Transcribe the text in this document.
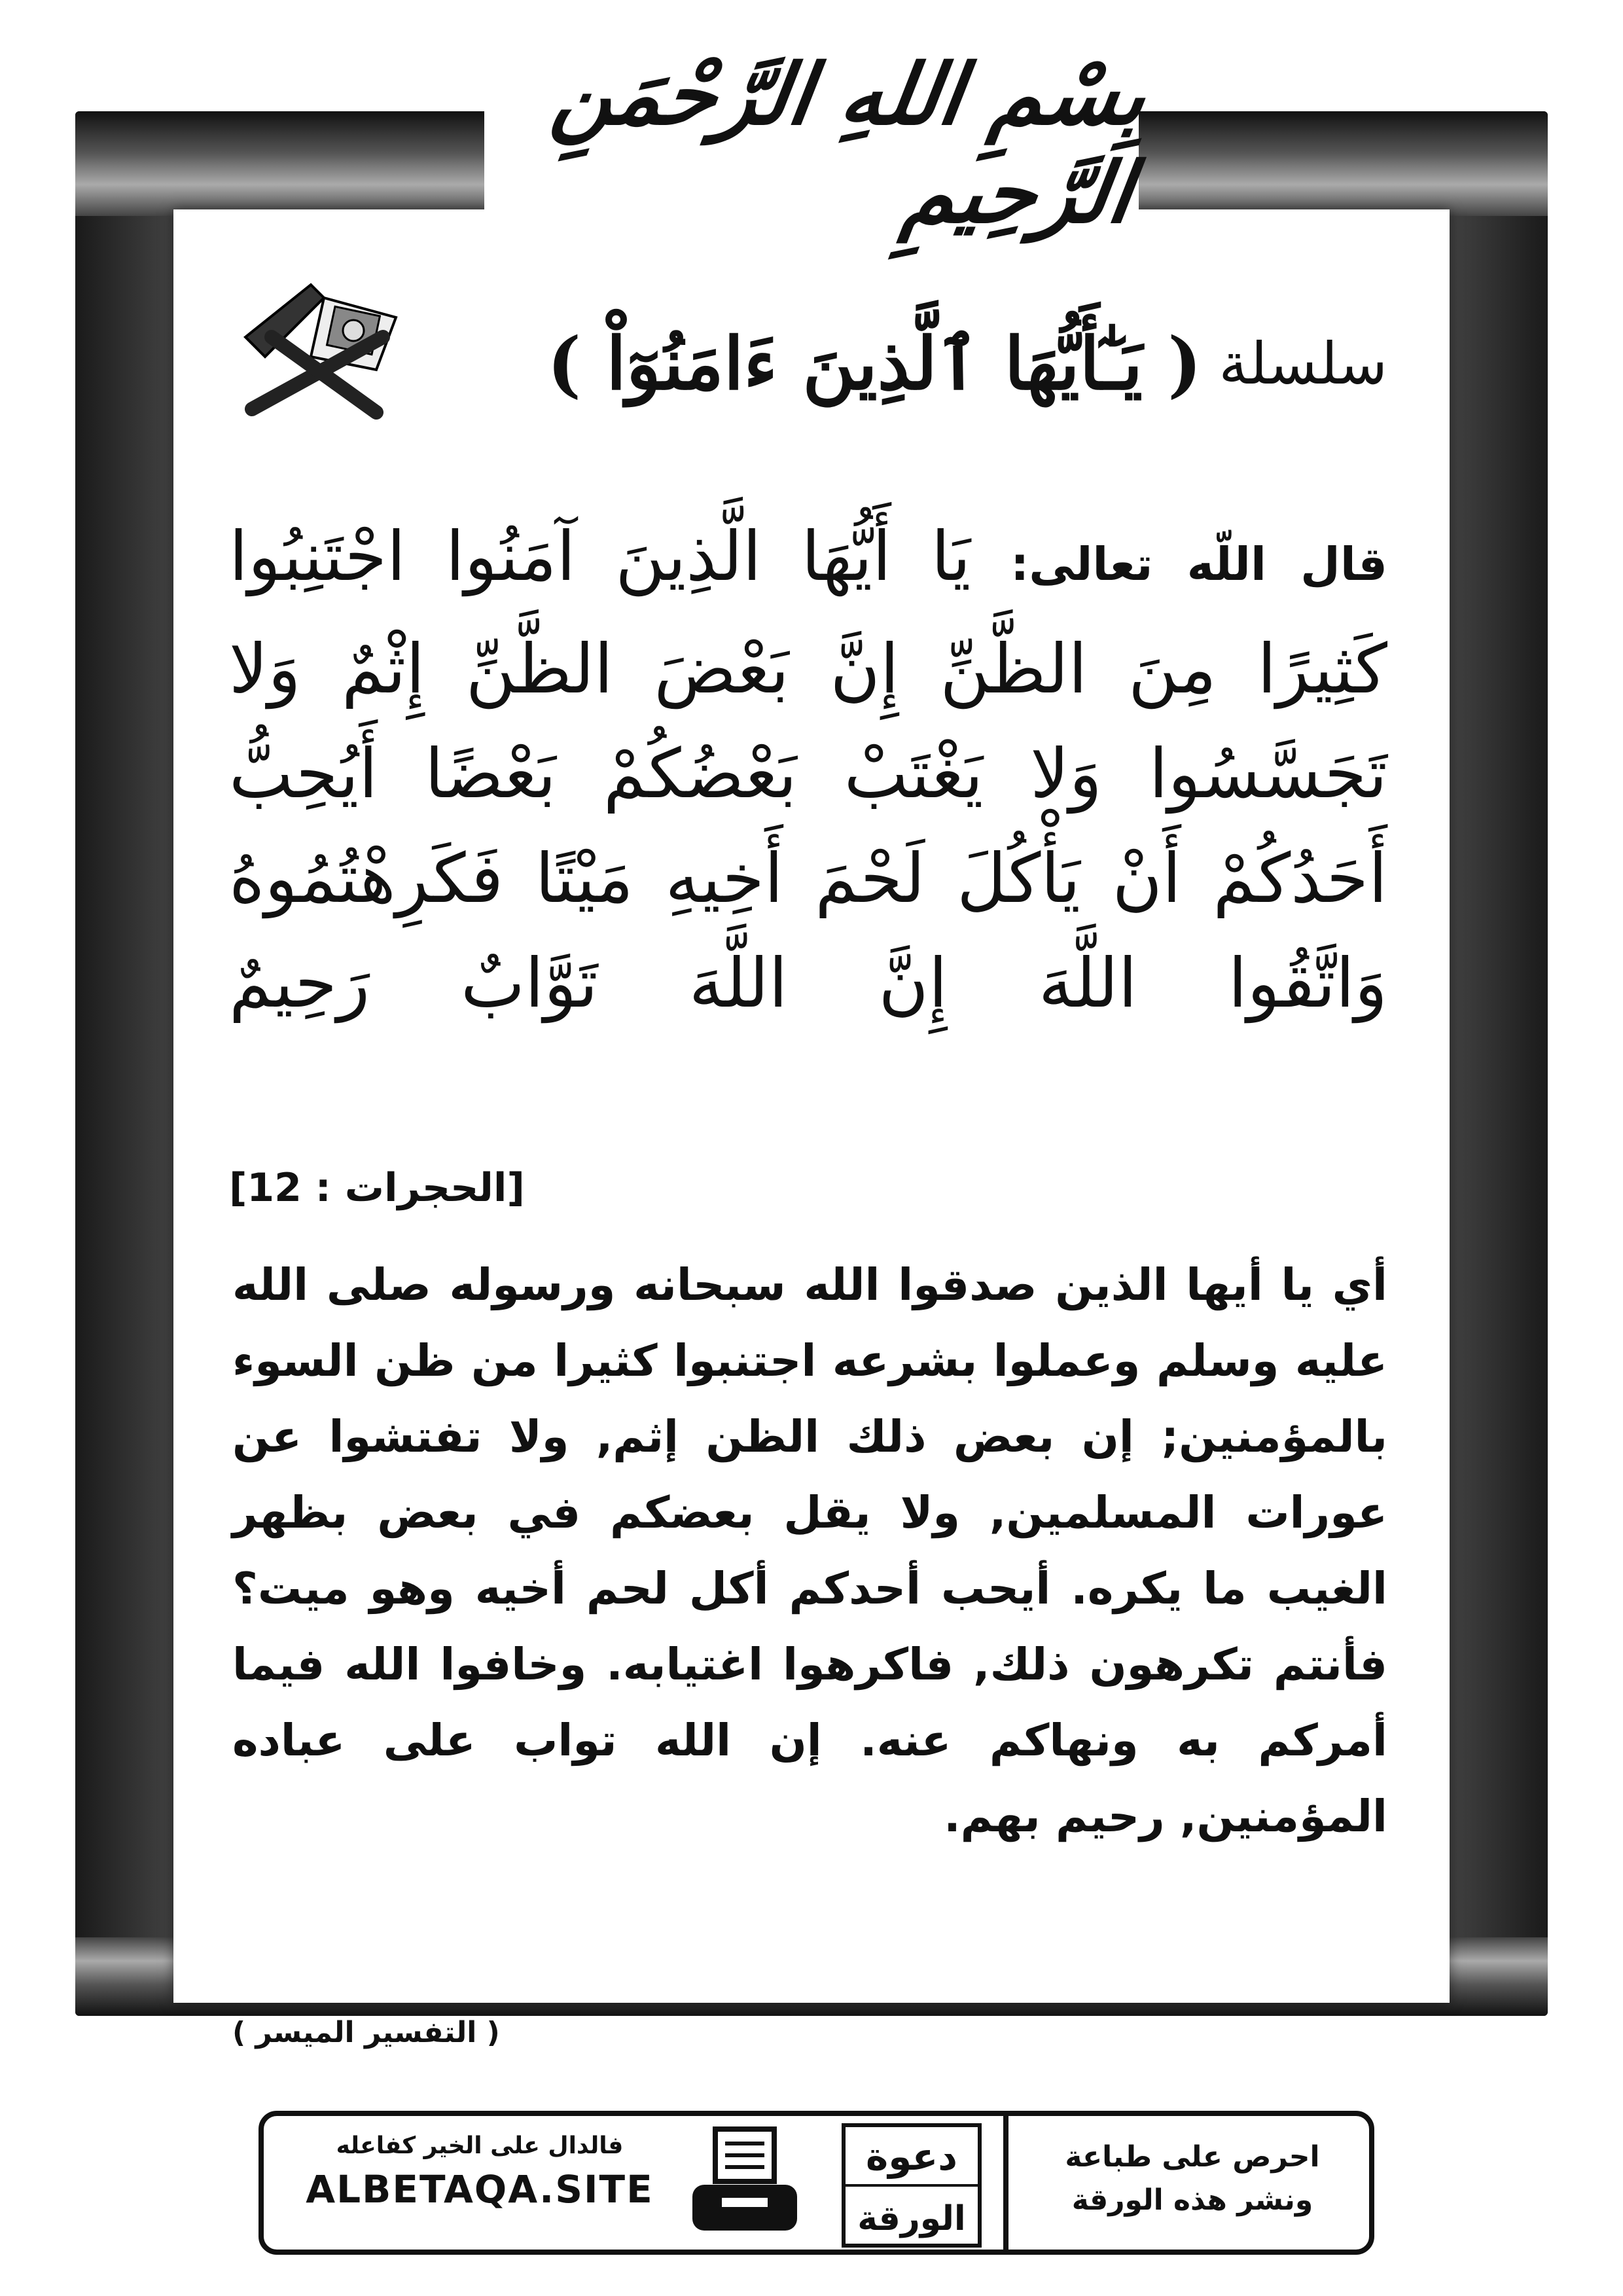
بِسْمِ اللهِ الرَّحْمَنِ الرَّحِيمِ
سلسلة
( يَـٰٓأَيُّهَا ٱلَّذِينَ ءَامَنُوٓاْ )
قال اللّه تعالى: يَا أَيُّهَا الَّذِينَ آمَنُوا اجْتَنِبُوا كَثِيرًا مِنَ الظَّنِّ إِنَّ بَعْضَ الظَّنِّ إِثْمٌ وَلا تَجَسَّسُوا وَلا يَغْتَبْ بَعْضُكُمْ بَعْضًا أَيُحِبُّ أَحَدُكُمْ أَنْ يَأْكُلَ لَحْمَ أَخِيهِ مَيْتًا فَكَرِهْتُمُوهُ وَاتَّقُوا اللَّهَ إِنَّ اللَّهَ تَوَّابٌ رَحِيمٌ
[الحجرات : 12]
أي يا أيها الذين صدقوا الله سبحانه ورسوله صلى الله عليه وسلم وعملوا بشرعه اجتنبوا كثيرا من ظن السوء بالمؤمنين; إن بعض ذلك الظن إثم, ولا تفتشوا عن عورات المسلمين, ولا يقل بعضكم في بعض بظهر الغيب ما يكره. أيحب أحدكم أكل لحم أخيه وهو ميت؟ فأنتم تكرهون ذلك, فاكرهوا اغتيابه. وخافوا الله فيما أمركم به ونهاكم عنه. إن الله تواب على عباده المؤمنين, رحيم بهم.
( التفسير الميسر )
فالدال على الخير كفاعله
ALBETAQA.SITE
دعوة
الورقة
احرص على طباعة
ونشر هذه الورقة
